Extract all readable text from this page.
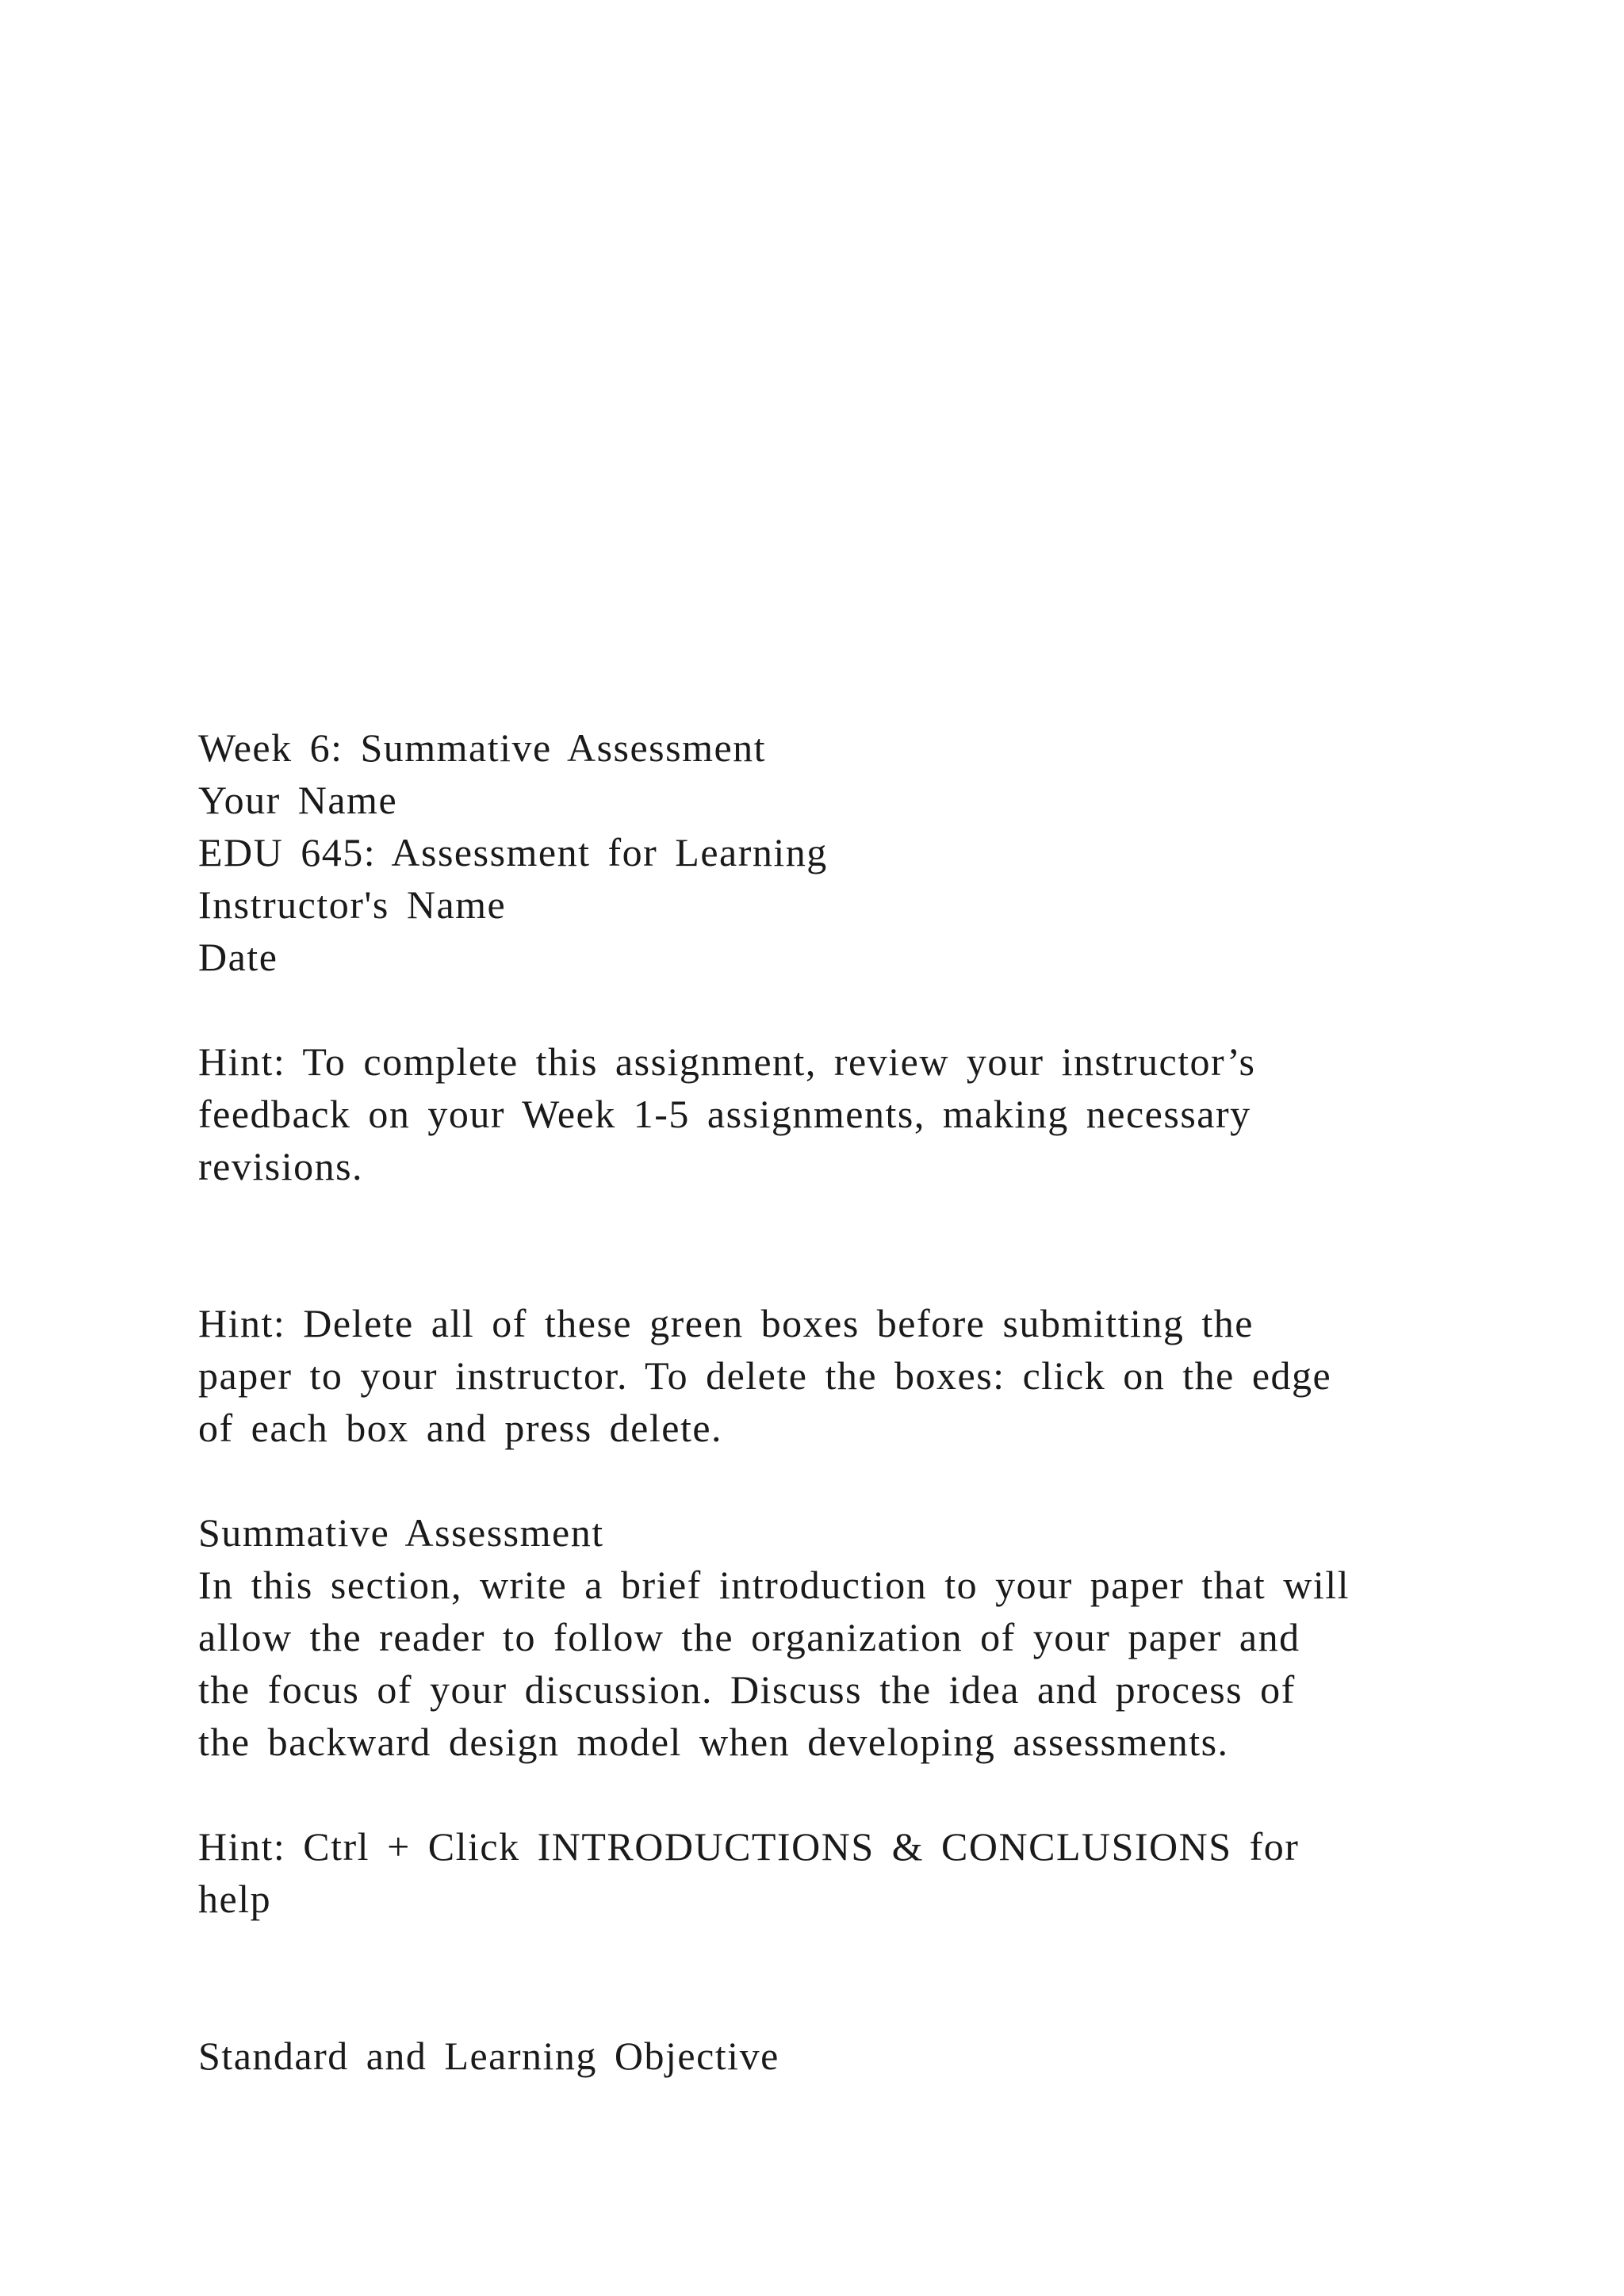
Week 6: Summative Assessment
Your Name
EDU 645: Assessment for Learning
Instructor's Name
Date
Hint: To complete this assignment, review your instructor’s
feedback on your Week 1-5 assignments, making necessary
revisions.
Hint: Delete all of these green boxes before submitting the
paper to your instructor. To delete the boxes: click on the edge
of each box and press delete.
Summative Assessment
In this section, write a brief introduction to your paper that will
allow the reader to follow the organization of your paper and
the focus of your discussion. Discuss the idea and process of
the backward design model when developing assessments.
Hint: Ctrl + Click INTRODUCTIONS & CONCLUSIONS for
help
Standard and Learning Objective
